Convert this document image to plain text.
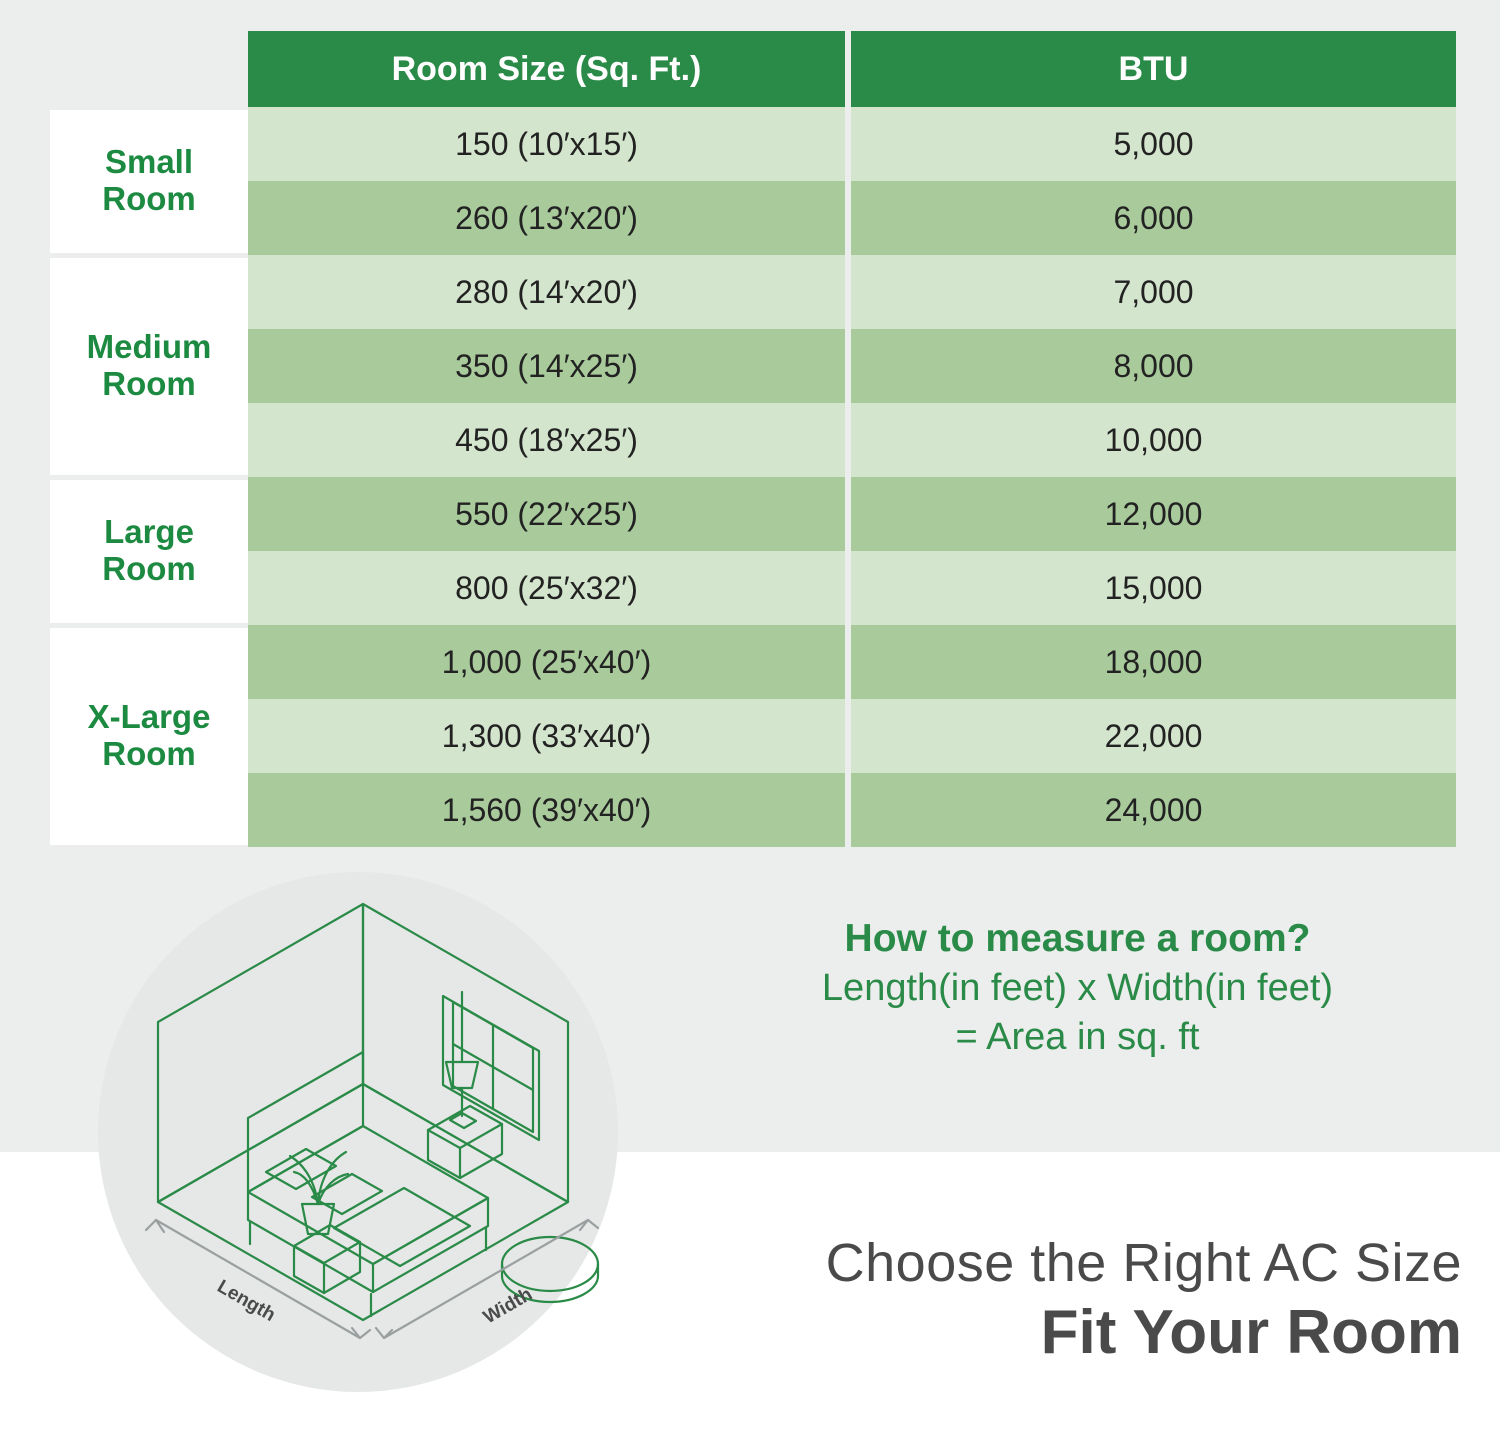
	Room Size (Sq. Ft.)	BTU
Small
Room	150 (10′x15′)	5,000
	260 (13′x20′)	6,000
Medium
Room	280 (14′x20′)	7,000
	350 (14′x25′)	8,000
	450 (18′x25′)	10,000
Large
Room	550 (22′x25′)	12,000
	800 (25′x32′)	15,000
X-Large
Room	1,000 (25′x40′)	18,000
	1,300 (33′x40′)	22,000
	1,560 (39′x40′)	24,000
Length	Width
How to measure a room?
Length(in feet) x Width(in feet)
= Area in sq. ft
Choose the Right AC Size
Fit Your Room
